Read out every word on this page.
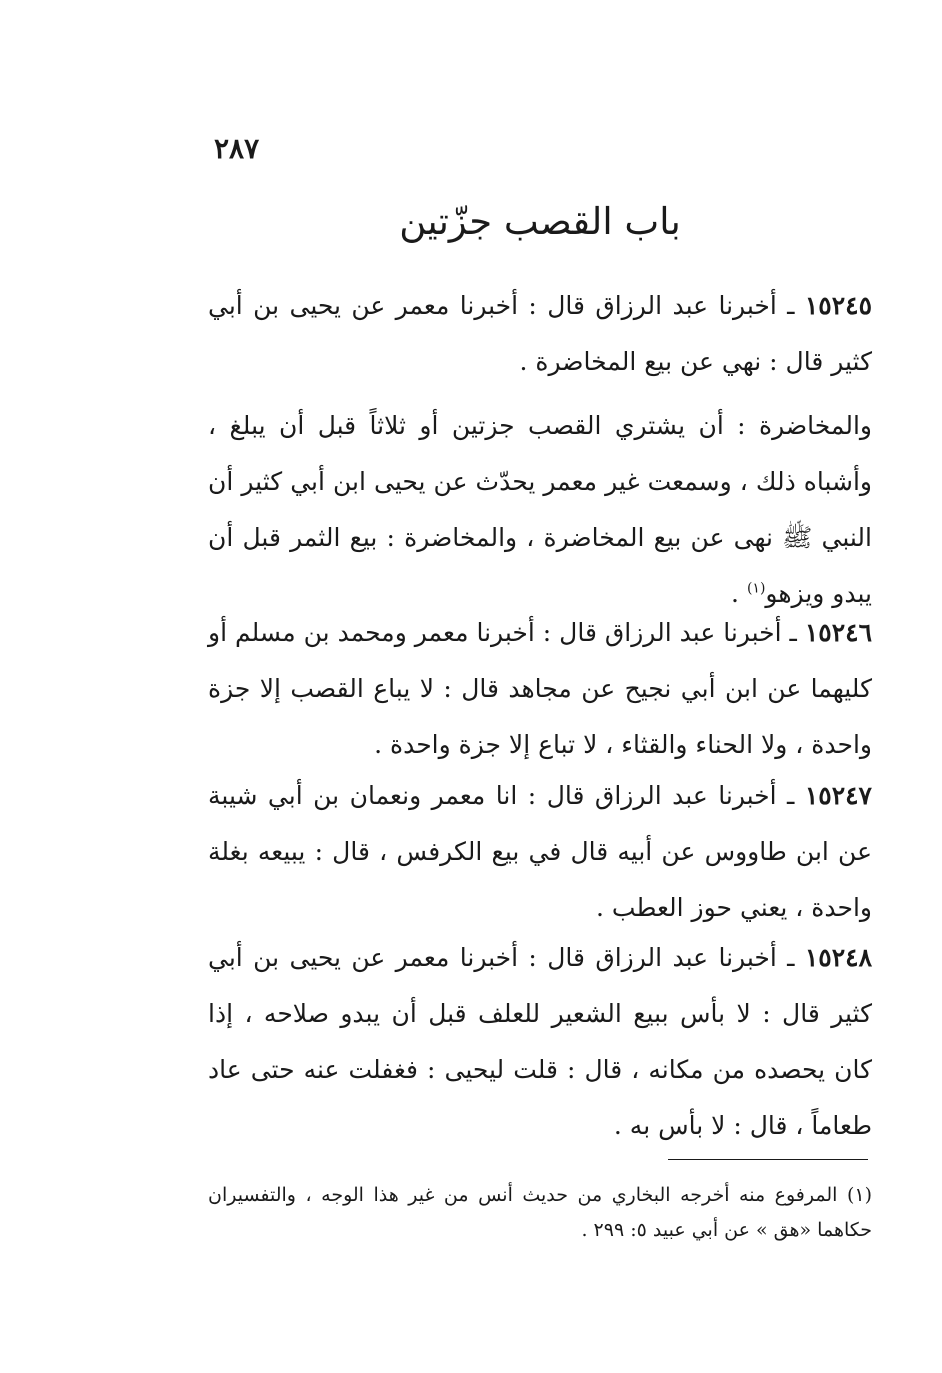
٢٨٧
باب القصب جزّتين
١٥٢٤٥ ـ أخبرنا عبد الرزاق قال : أخبرنا معمر عن يحيى بن أبي كثير قال : نهي عن بيع المخاضرة .
والمخاضرة : أن يشتري القصب جزتين أو ثلاثاً قبل أن يبلغ ، وأشباه ذلك ، وسمعت غير معمر يحدّث عن يحيى ابن أبي كثير أن النبي ﷺ نهى عن بيع المخاضرة ، والمخاضرة : بيع الثمر قبل أن يبدو ويزهو$^{(١)}$ .
١٥٢٤٦ ـ أخبرنا عبد الرزاق قال : أخبرنا معمر ومحمد بن مسلم أو كليهما عن ابن أبي نجيح عن مجاهد قال : لا يباع القصب إلا جزة واحدة ، ولا الحناء والقثاء ، لا تباع إلا جزة واحدة .
١٥٢٤٧ ـ أخبرنا عبد الرزاق قال : انا معمر ونعمان بن أبي شيبة عن ابن طاووس عن أبيه قال في بيع الكرفس ، قال : يبيعه بغلة واحدة ، يعني حوز العطب .
١٥٢٤٨ ـ أخبرنا عبد الرزاق قال : أخبرنا معمر عن يحيى بن أبي كثير قال : لا بأس ببيع الشعير للعلف قبل أن يبدو صلاحه ، إذا كان يحصده من مكانه ، قال : قلت ليحيى : فغفلت عنه حتى عاد طعاماً ، قال : لا بأس به .
(١) المرفوع منه أخرجه البخاري من حديث أنس من غير هذا الوجه ، والتفسيران حكاهما «هق » عن أبي عبيد ٥: ٢٩٩ .
